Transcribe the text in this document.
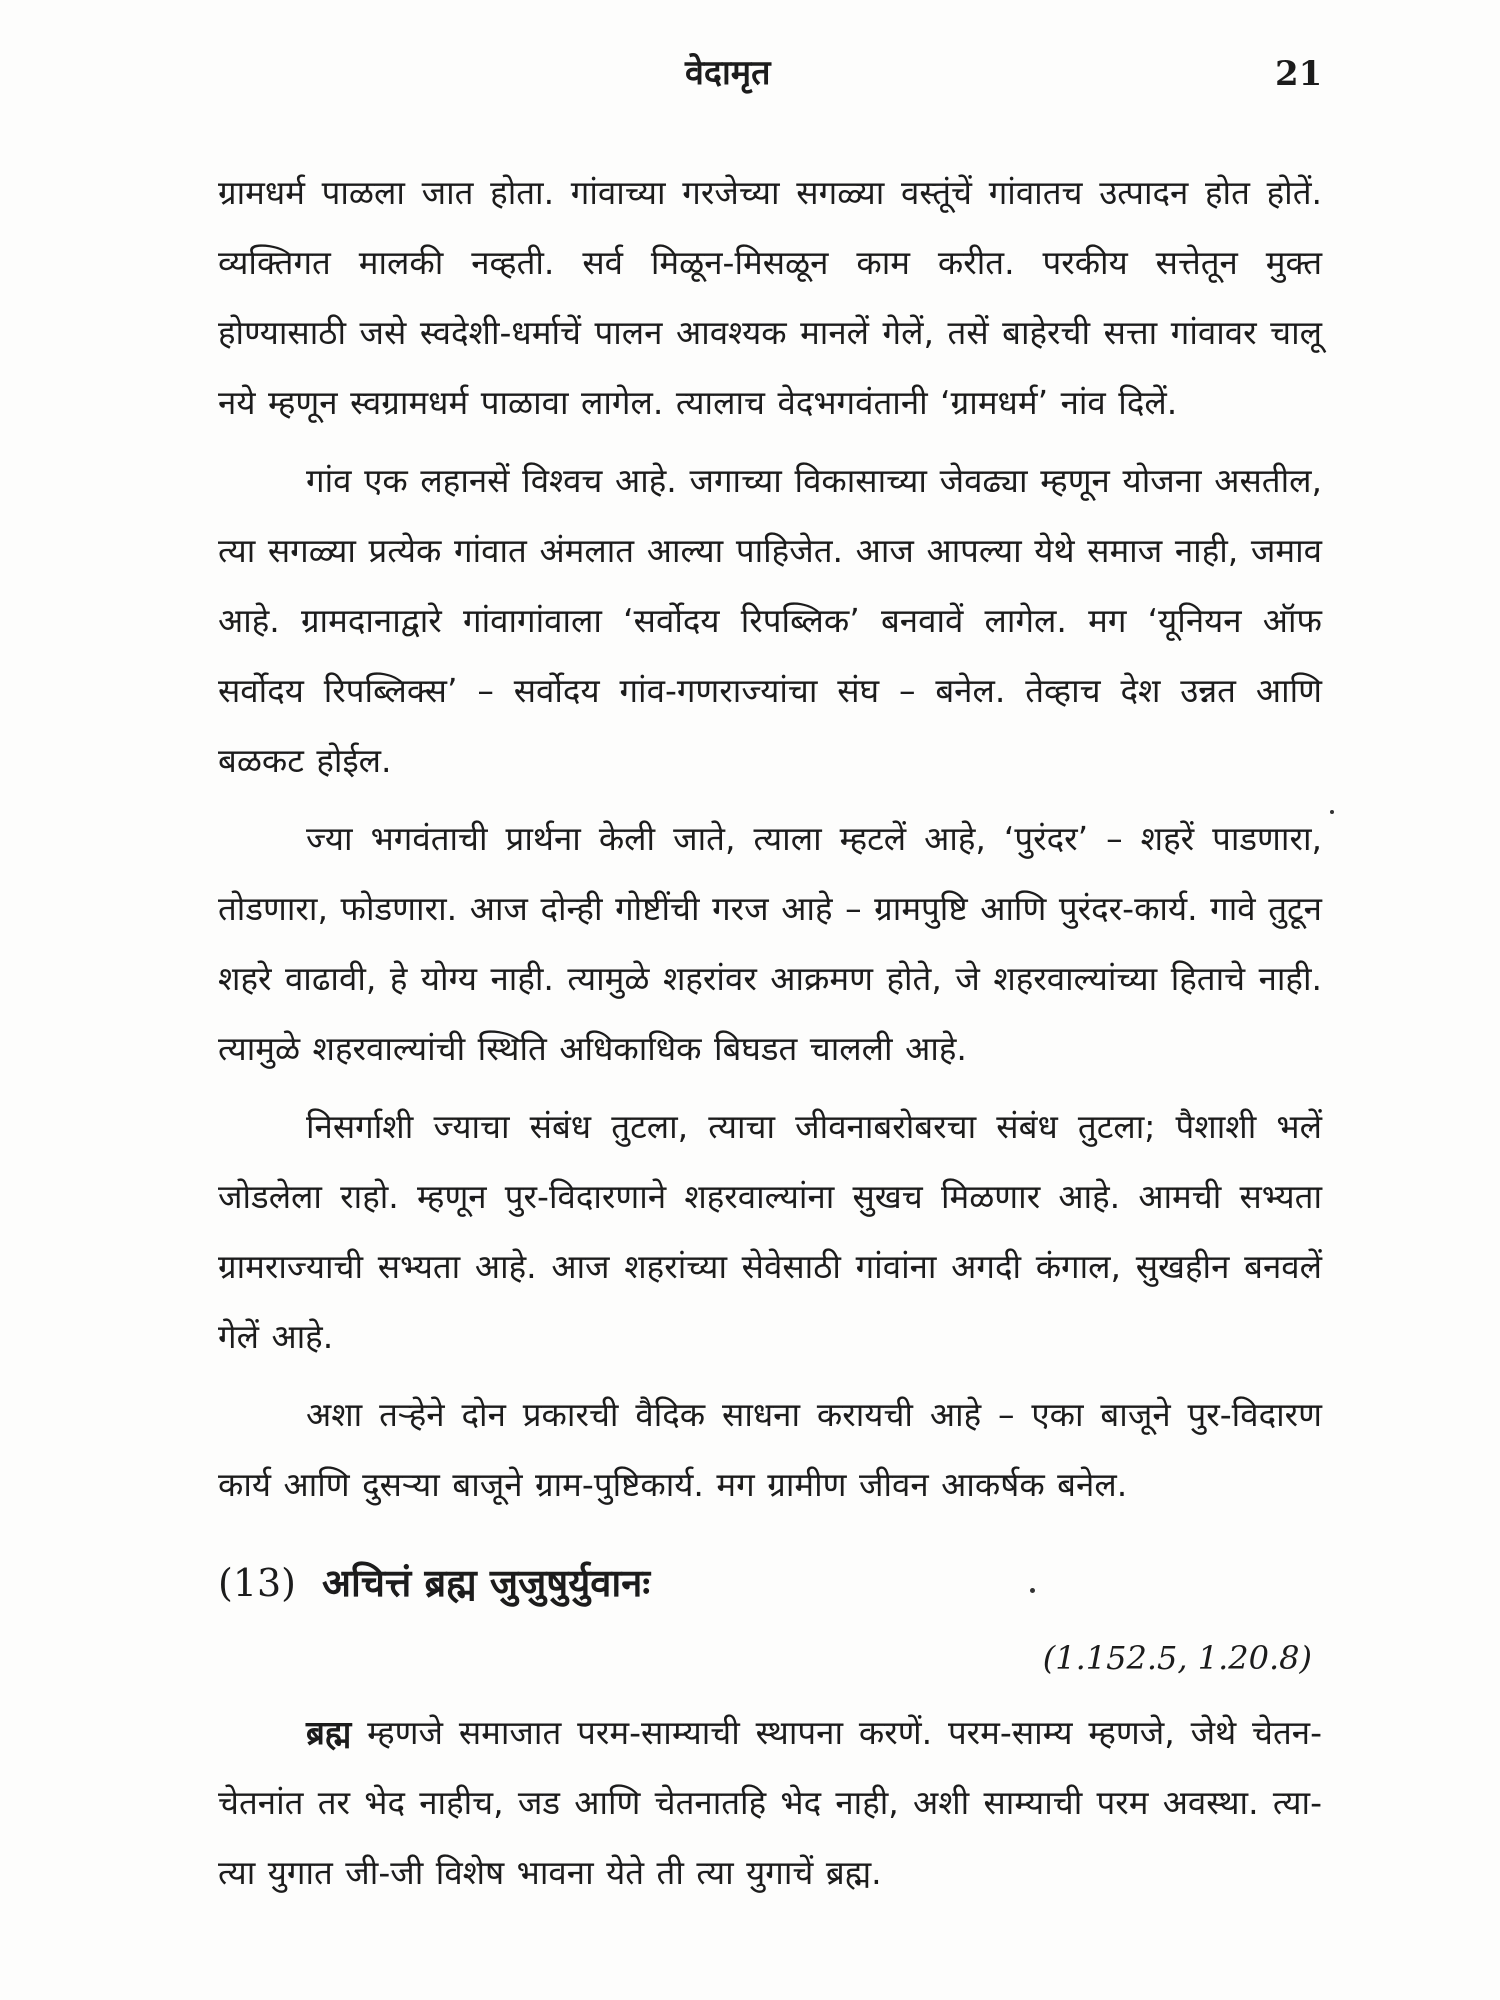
वेदामृत	21

ग्रामधर्म पाळला जात होता. गांवाच्या गरजेच्या सगळ्या वस्तूंचें गांवातच उत्पादन होत होतें. व्यक्तिगत मालकी नव्हती. सर्व मिळून-मिसळून काम करीत. परकीय सत्तेतून मुक्त होण्यासाठी जसे स्वदेशी-धर्माचें पालन आवश्यक मानलें गेलें, तसें बाहेरची सत्ता गांवावर चालू नये म्हणून स्वग्रामधर्म पाळावा लागेल. त्यालाच वेदभगवंतानी ‘ग्रामधर्म’ नांव दिलें.

गांव एक लहानसें विश्वच आहे. जगाच्या विकासाच्या जेवढ्या म्हणून योजना असतील, त्या सगळ्या प्रत्येक गांवात अंमलात आल्या पाहिजेत. आज आपल्या येथे समाज नाही, जमाव आहे. ग्रामदानाद्वारे गांवागांवाला ‘सर्वोदय रिपब्लिक’ बनवावें लागेल. मग ‘यूनियन ऑफ सर्वोदय रिपब्लिक्स’ – सर्वोदय गांव-गणराज्यांचा संघ – बनेल. तेव्हाच देश उन्नत आणि बळकट होईल.

ज्या भगवंताची प्रार्थना केली जाते, त्याला म्हटलें आहे, ‘पुरंदर’ – शहरें पाडणारा, तोडणारा, फोडणारा. आज दोन्ही गोष्टींची गरज आहे – ग्रामपुष्टि आणि पुरंदर-कार्य. गावे तुटून शहरे वाढावी, हे योग्य नाही. त्यामुळे शहरांवर आक्रमण होते, जे शहरवाल्यांच्या हिताचे नाही. त्यामुळे शहरवाल्यांची स्थिति अधिकाधिक बिघडत चालली आहे.

निसर्गाशी ज्याचा संबंध तुटला, त्याचा जीवनाबरोबरचा संबंध तुटला; पैशाशी भलें जोडलेला राहो. म्हणून पुर-विदारणाने शहरवाल्यांना सुखच मिळणार आहे. आमची सभ्यता ग्रामराज्याची सभ्यता आहे. आज शहरांच्या सेवेसाठी गांवांना अगदी कंगाल, सुखहीन बनवलें गेलें आहे.

अशा तऱ्हेने दोन प्रकारची वैदिक साधना करायची आहे – एका बाजूने पुर-विदारण कार्य आणि दुसऱ्या बाजूने ग्राम-पुष्टिकार्य. मग ग्रामीण जीवन आकर्षक बनेल.

(13) अचित्तं ब्रह्म जुजुषुर्युवानः
(1.152.5, 1.20.8)

ब्रह्म म्हणजे समाजात परम-साम्याची स्थापना करणें. परम-साम्य म्हणजे, जेथे चेतन-चेतनांत तर भेद नाहीच, जड आणि चेतनातहि भेद नाही, अशी साम्याची परम अवस्था. त्या-त्या युगात जी-जी विशेष भावना येते ती त्या युगाचें ब्रह्म.
